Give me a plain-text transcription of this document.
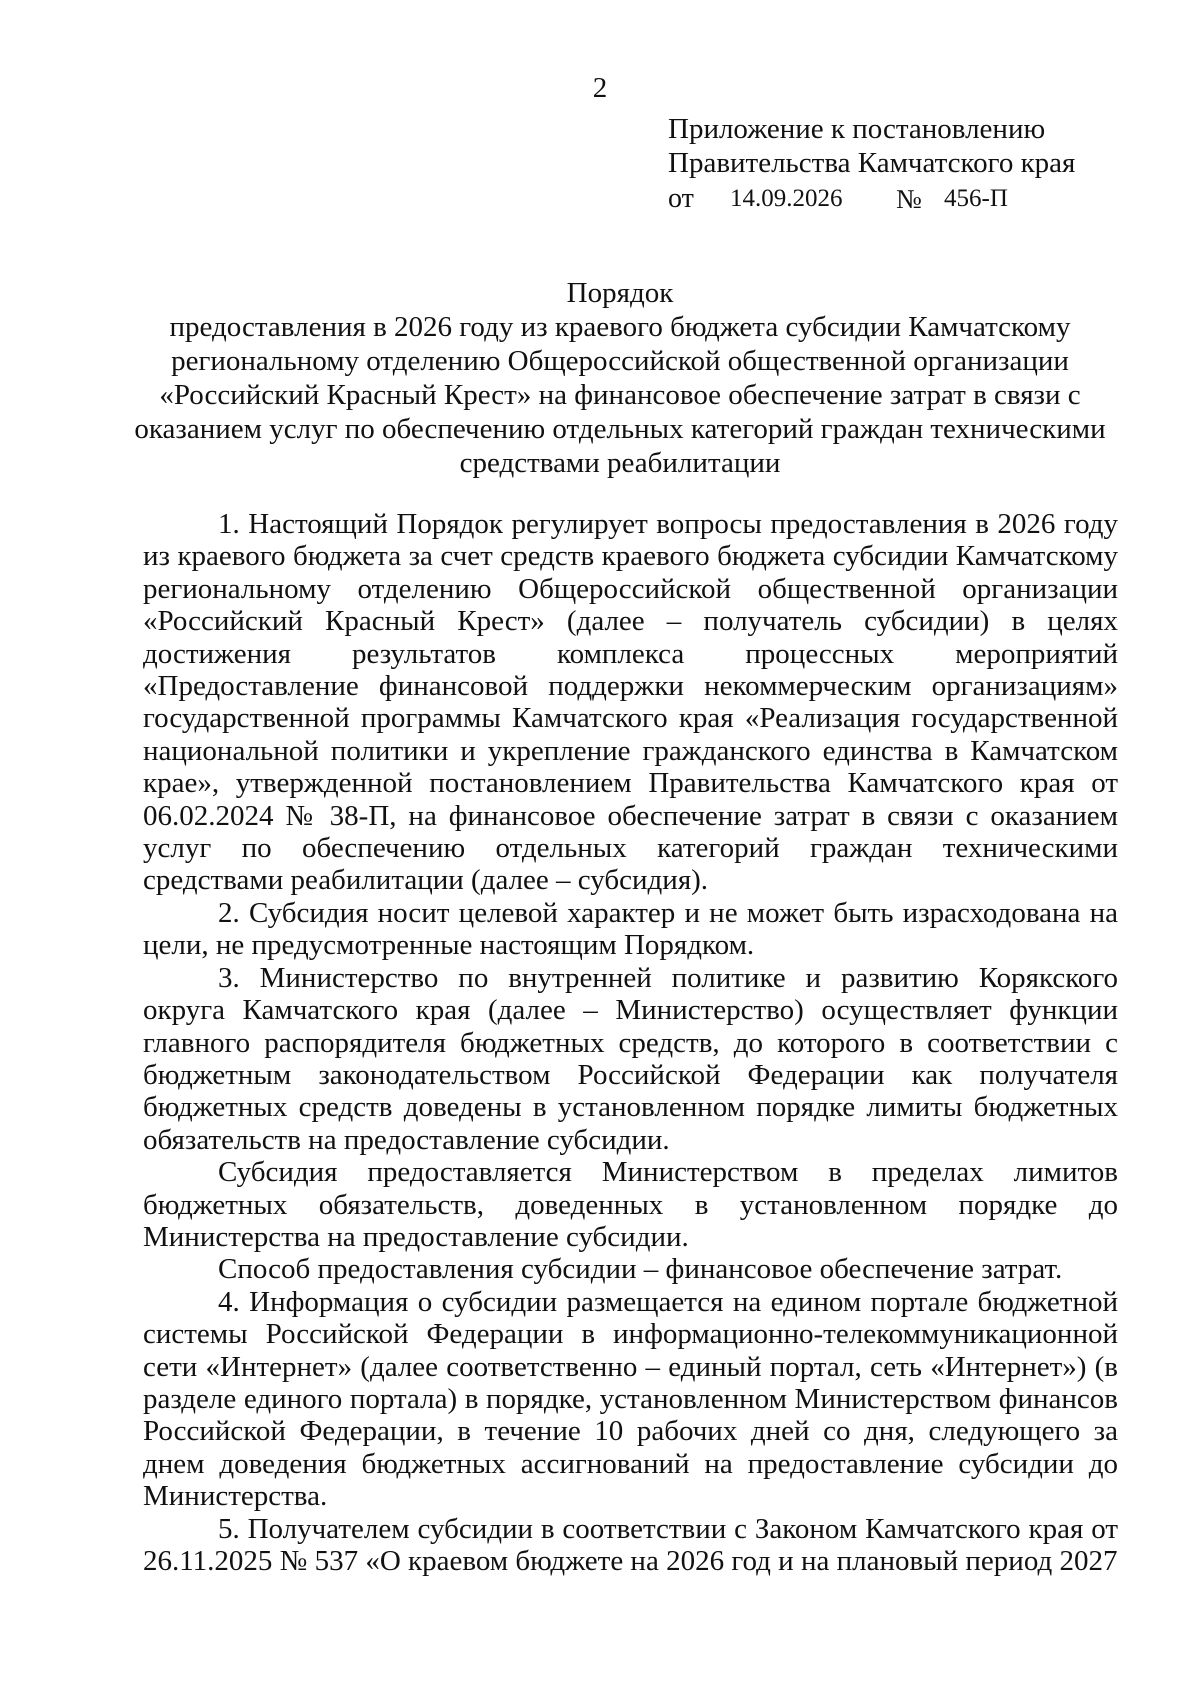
2
Приложение к постановлению
Правительства Камчатского края
от 14.09.2026 № 456-П
Порядок
предоставления в 2026 году из краевого бюджета субсидии Камчатскому региональному отделению Общероссийской общественной организации «Российский Красный Крест» на финансовое обеспечение затрат в связи с оказанием услуг по обеспечению отдельных категорий граждан техническими средствами реабилитации

1. Настоящий Порядок регулирует вопросы предоставления в 2026 году из краевого бюджета за счет средств краевого бюджета субсидии Камчатскому региональному отделению Общероссийской общественной организации «Российский Красный Крест» (далее – получатель субсидии) в целях достижения результатов комплекса процессных мероприятий «Предоставление финансовой поддержки некоммерческим организациям» государственной программы Камчатского края «Реализация государственной национальной политики и укрепление гражданского единства в Камчатском крае», утвержденной постановлением Правительства Камчатского края от 06.02.2024 № 38-П, на финансовое обеспечение затрат в связи с оказанием услуг по обеспечению отдельных категорий граждан техническими средствами реабилитации (далее – субсидия).

2. Субсидия носит целевой характер и не может быть израсходована на цели, не предусмотренные настоящим Порядком.

3. Министерство по внутренней политике и развитию Корякского округа Камчатского края (далее – Министерство) осуществляет функции главного распорядителя бюджетных средств, до которого в соответствии с бюджетным законодательством Российской Федерации как получателя бюджетных средств доведены в установленном порядке лимиты бюджетных обязательств на предоставление субсидии.

Субсидия предоставляется Министерством в пределах лимитов бюджетных обязательств, доведенных в установленном порядке до Министерства на предоставление субсидии.

Способ предоставления субсидии – финансовое обеспечение затрат.

4. Информация о субсидии размещается на едином портале бюджетной системы Российской Федерации в информационно-телекоммуникационной сети «Интернет» (далее соответственно – единый портал, сеть «Интернет») (в разделе единого портала) в порядке, установленном Министерством финансов Российской Федерации, в течение 10 рабочих дней со дня, следующего за днем доведения бюджетных ассигнований на предоставление субсидии до Министерства.

5. Получателем субсидии в соответствии с Законом Камчатского края от 26.11.2025 № 537 «О краевом бюджете на 2026 год и на плановый период 2027
